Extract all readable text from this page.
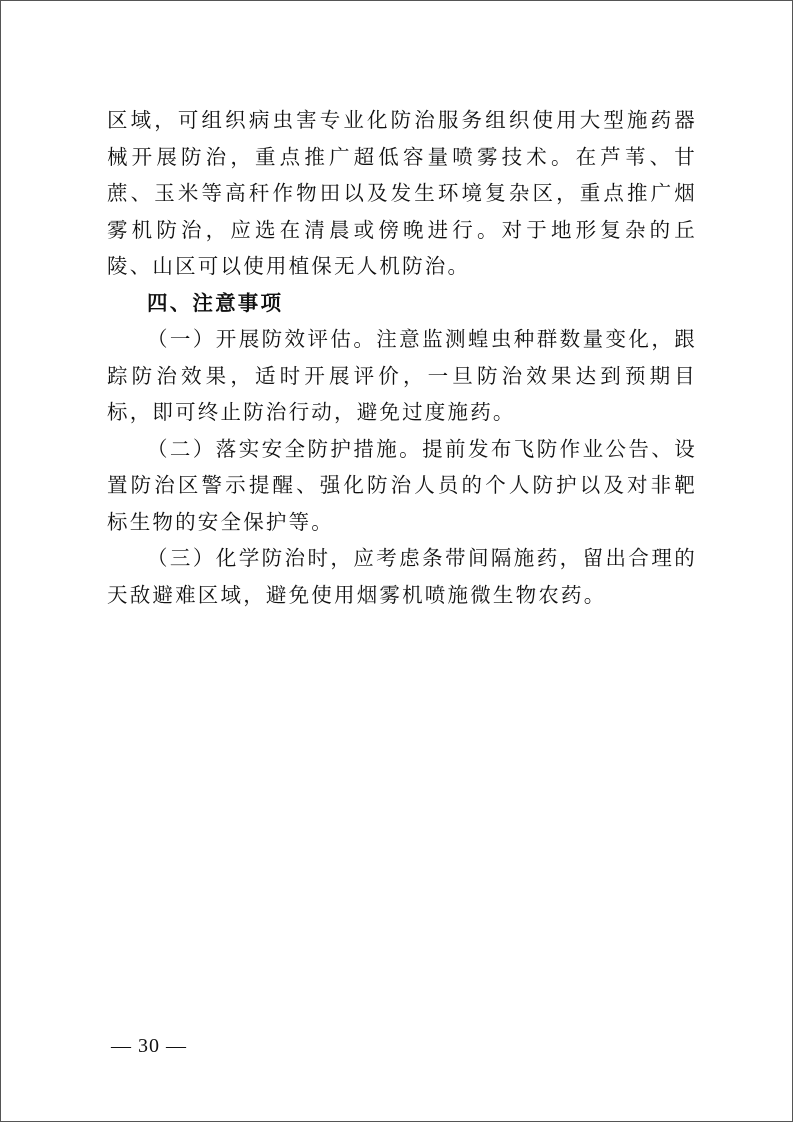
区域，可组织病虫害专业化防治服务组织使用大型施药器械开展防治，重点推广超低容量喷雾技术。在芦苇、甘蔗、玉米等高秆作物田以及发生环境复杂区，重点推广烟雾机防治，应选在清晨或傍晚进行。对于地形复杂的丘陵、山区可以使用植保无人机防治。

四、注意事项

（一）开展防效评估。注意监测蝗虫种群数量变化，跟踪防治效果，适时开展评价，一旦防治效果达到预期目标，即可终止防治行动，避免过度施药。

（二）落实安全防护措施。提前发布飞防作业公告、设置防治区警示提醒、强化防治人员的个人防护以及对非靶标生物的安全保护等。

（三）化学防治时，应考虑条带间隔施药，留出合理的天敌避难区域，避免使用烟雾机喷施微生物农药。

— 30 —
